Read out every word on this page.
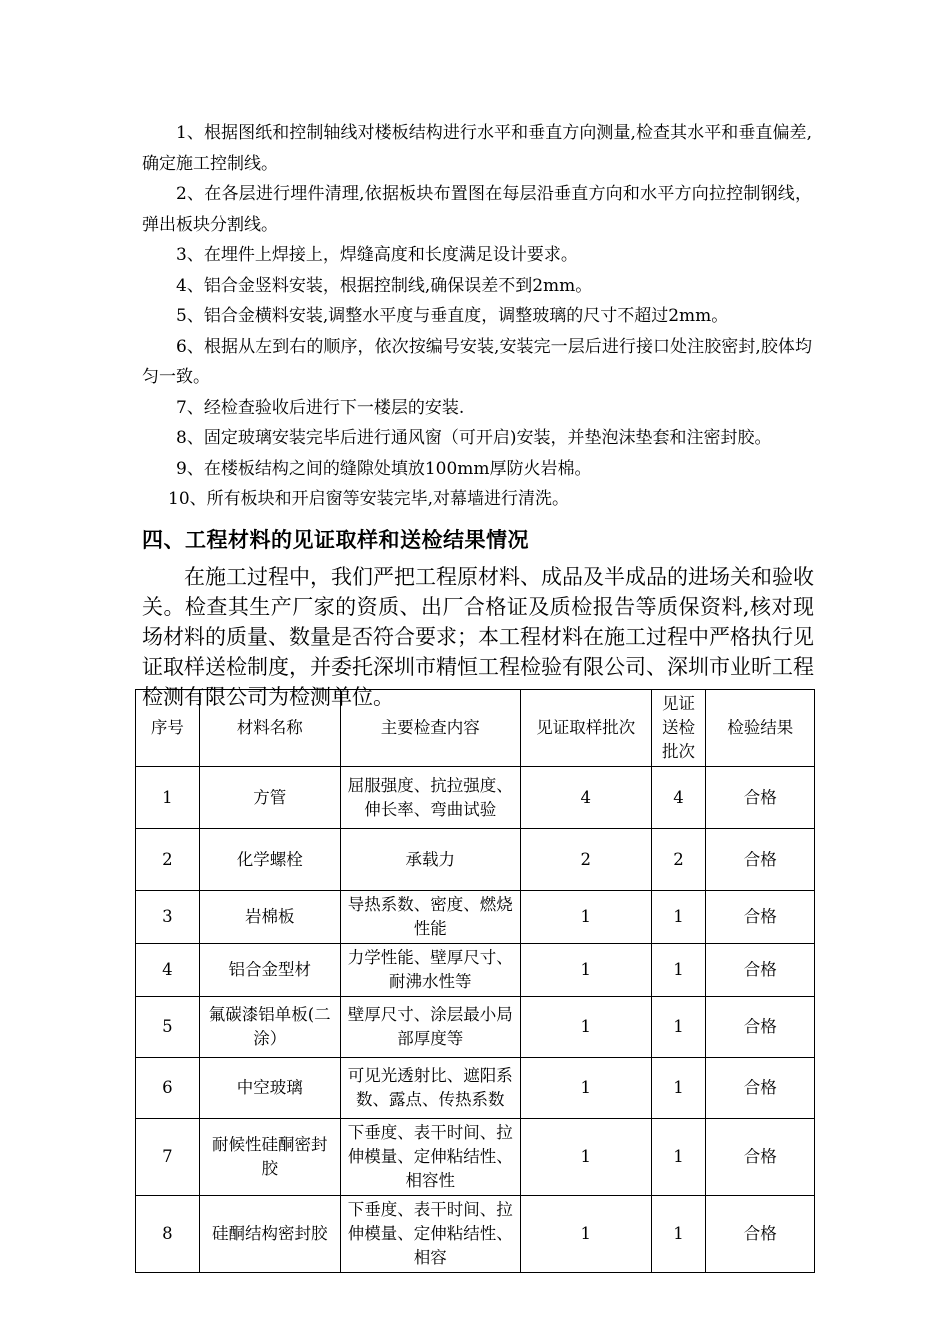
1、根据图纸和控制轴线对楼板结构进行水平和垂直方向测量,检查其水平和垂直偏差,确定施工控制线。

2、在各层进行埋件清理,依据板块布置图在每层沿垂直方向和水平方向拉控制钢线，弹出板块分割线。

3、在埋件上焊接上，焊缝高度和长度满足设计要求。

4、铝合金竖料安装，根据控制线,确保误差不到2mm。

5、铝合金横料安装,调整水平度与垂直度，调整玻璃的尺寸不超过2mm。

6、根据从左到右的顺序，依次按编号安装,安装完一层后进行接口处注胶密封,胶体均匀一致。

7、经检查验收后进行下一楼层的安装.

8、固定玻璃安装完毕后进行通风窗（可开启)安装，并垫泡沫垫套和注密封胶。

9、在楼板结构之间的缝隙处填放100mm厚防火岩棉。

10、所有板块和开启窗等安装完毕,对幕墙进行清洗。

四、工程材料的见证取样和送检结果情况

在施工过程中，我们严把工程原材料、成品及半成品的进场关和验收关。检查其生产厂家的资质、出厂合格证及质检报告等质保资料,核对现场材料的质量、数量是否符合要求；本工程材料在施工过程中严格执行见证取样送检制度，并委托深圳市精恒工程检验有限公司、深圳市业昕工程检测有限公司为检测单位。

序号	材料名称	主要检查内容	见证取样批次	见证送检批次	检验结果
1	方管	屈服强度、抗拉强度、伸长率、弯曲试验	4	4	合格
2	化学螺栓	承载力	2	2	合格
3	岩棉板	导热系数、密度、燃烧性能	1	1	合格
4	铝合金型材	力学性能、壁厚尺寸、耐沸水性等	1	1	合格
5	氟碳漆铝单板(二涂）	壁厚尺寸、涂层最小局部厚度等	1	1	合格
6	中空玻璃	可见光透射比、遮阳系数、露点、传热系数	1	1	合格
7	耐候性硅酮密封胶	下垂度、表干时间、拉伸模量、定伸粘结性、相容性	1	1	合格
8	硅酮结构密封胶	下垂度、表干时间、拉伸模量、定伸粘结性、相容	1	1	合格
